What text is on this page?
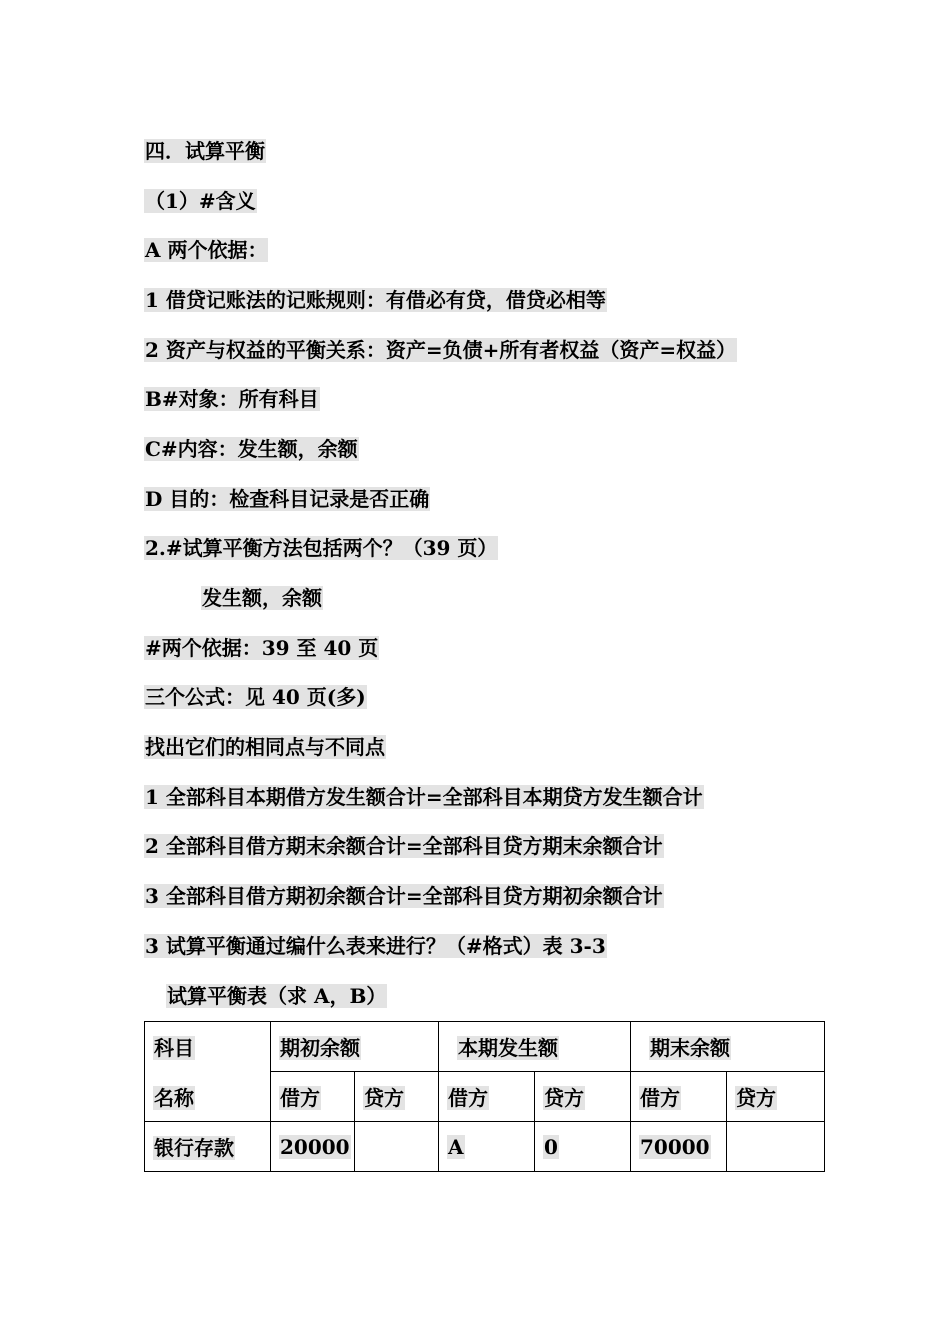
四．试算平衡
（1）#含义
A 两个依据：
1 借贷记账法的记账规则：有借必有贷，借贷必相等
2 资产与权益的平衡关系：资产=负债+所有者权益（资产=权益）
B#对象：所有科目
C#内容：发生额，余额
D 目的：检查科目记录是否正确
2.#试算平衡方法包括两个？（39 页）
发生额，余额
#两个依据：39 至 40 页
三个公式：见 40 页(多)
找出它们的相同点与不同点
1 全部科目本期借方发生额合计=全部科目本期贷方发生额合计
2 全部科目借方期末余额合计=全部科目贷方期末余额合计
3 全部科目借方期初余额合计=全部科目贷方期初余额合计
3 试算平衡通过编什么表来进行？（#格式）表 3-3
试算平衡表（求 A，B）
科目	期初余额		本期发生额		期末余额	
名称	借方	贷方	借方	贷方	借方	贷方
银行存款	20000		A	0	70000	
